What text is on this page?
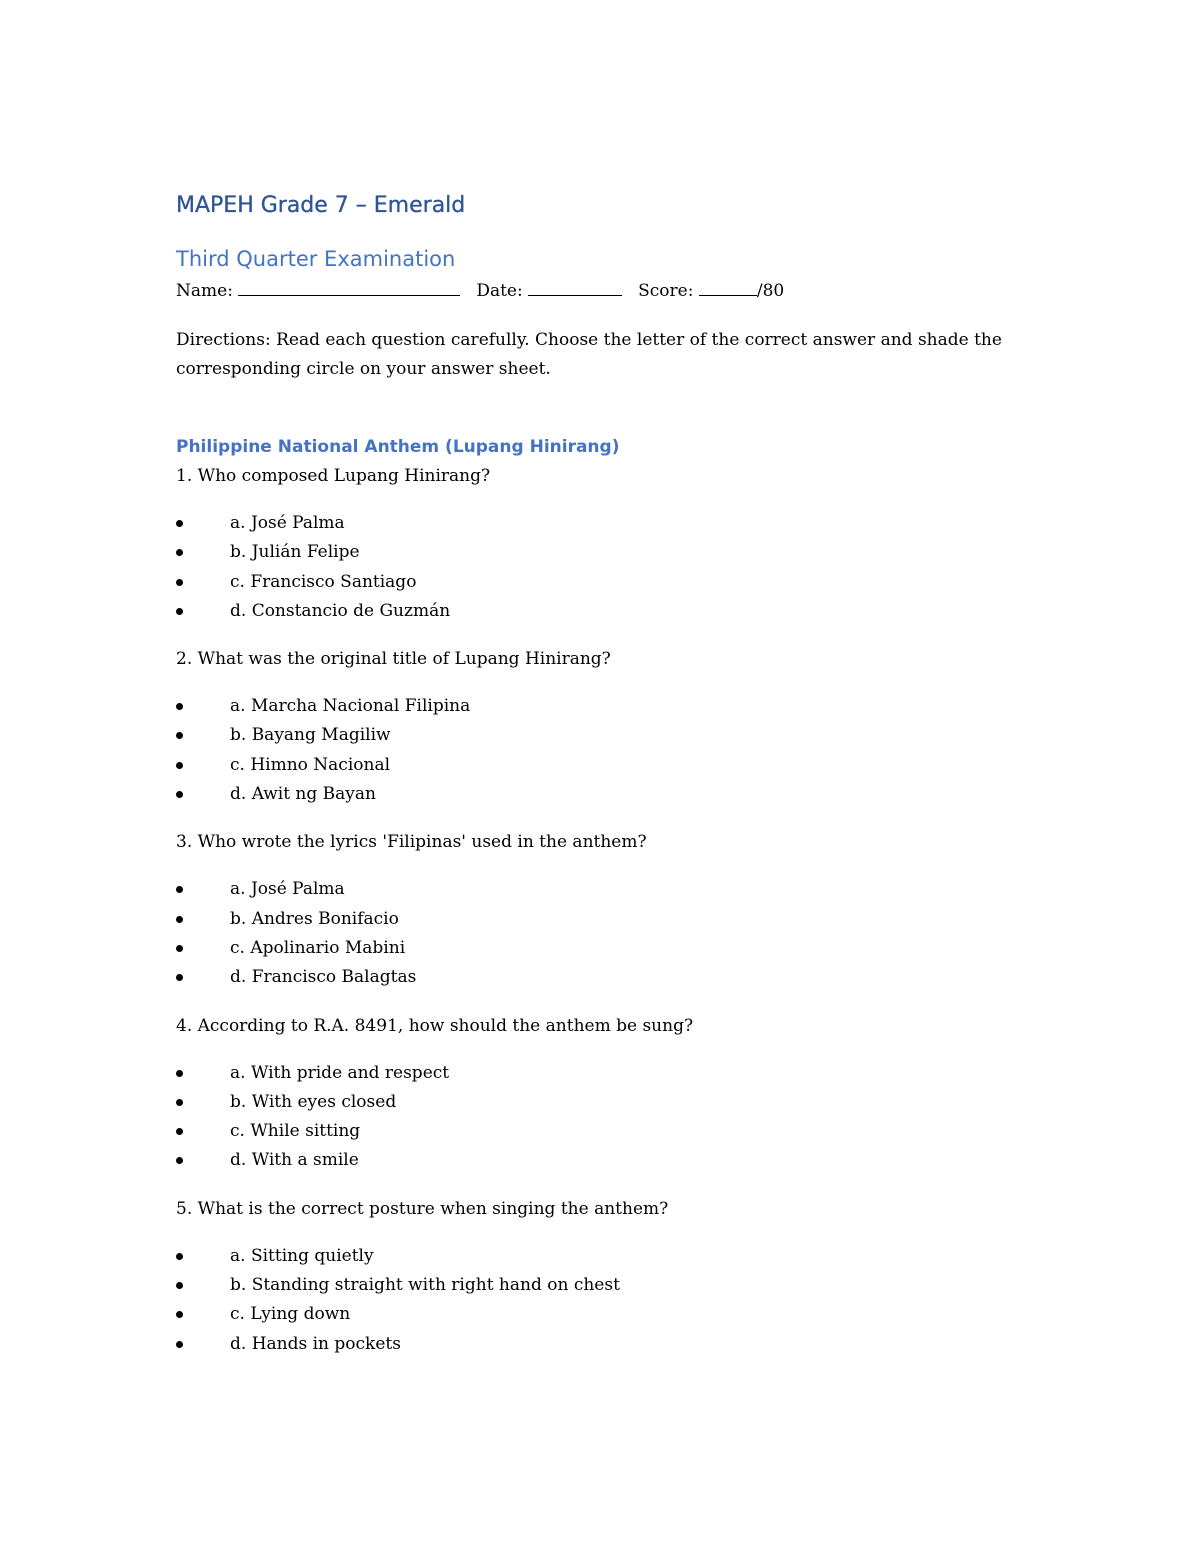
MAPEH Grade 7 – Emerald
Third Quarter Examination
Name:	Date:	Score:	/80

Directions: Read each question carefully. Choose the letter of the correct answer and shade the corresponding circle on your answer sheet.

Philippine National Anthem (Lupang Hinirang)

1. Who composed Lupang Hinirang?

a. José Palma
b. Julián Felipe
c. Francisco Santiago
d. Constancio de Guzmán

2. What was the original title of Lupang Hinirang?

a. Marcha Nacional Filipina
b. Bayang Magiliw
c. Himno Nacional
d. Awit ng Bayan

3. Who wrote the lyrics 'Filipinas' used in the anthem?

a. José Palma
b. Andres Bonifacio
c. Apolinario Mabini
d. Francisco Balagtas

4. According to R.A. 8491, how should the anthem be sung?

a. With pride and respect
b. With eyes closed
c. While sitting
d. With a smile

5. What is the correct posture when singing the anthem?

a. Sitting quietly
b. Standing straight with right hand on chest
c. Lying down
d. Hands in pockets
